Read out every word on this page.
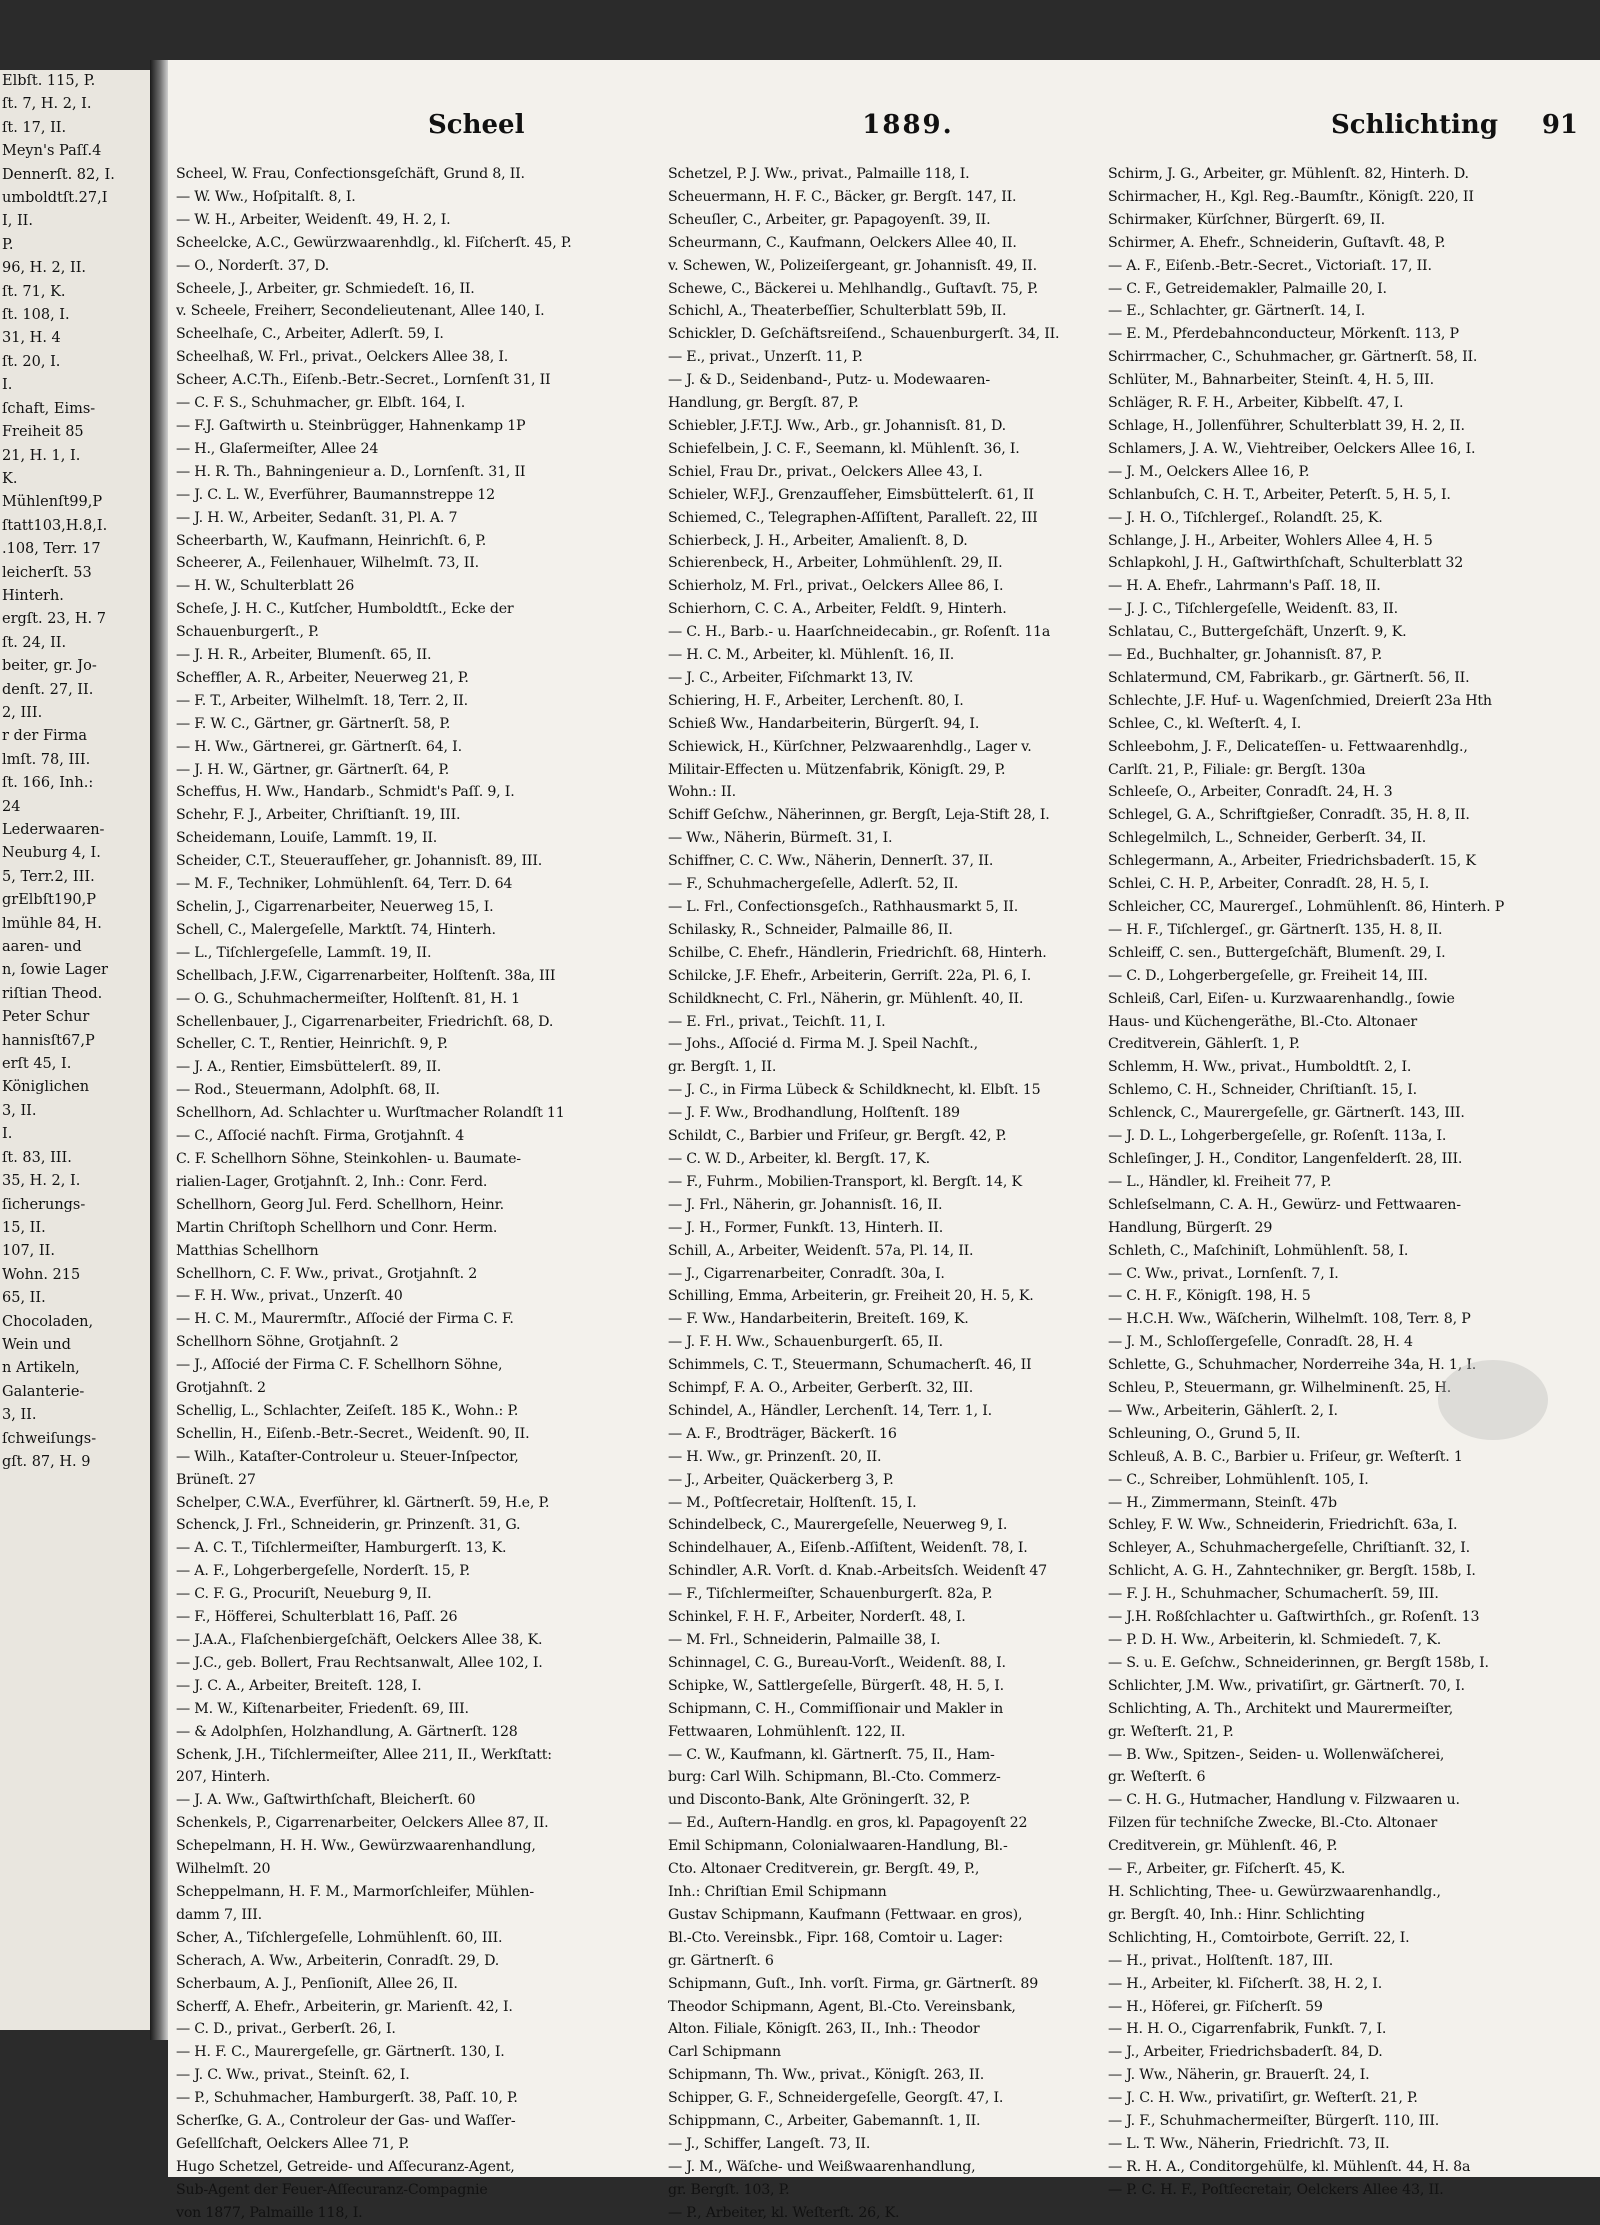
Elbſt. 115, P.
ſt. 7, H. 2, I.
ſt. 17, II.
Meyn's Paſſ.4
Dennerſt. 82, I.
umboldtſt.27,I
I, II.
P.
96, H. 2, II.
ſt. 71, K.
ſt. 108, I.
31, H. 4
ſt. 20, I.
I.
ſchaft, Eims-
Freiheit 85
21, H. 1, I.
K.
Mühlenſt99,P
ſtatt103,H.8,I.
.108, Terr. 17
leicherſt. 53
Hinterh.
ergſt. 23, H. 7
ſt. 24, II.
beiter, gr. Jo-
denſt. 27, II.
2, III.
r der Firma
lmſt. 78, III.
ſt. 166, Inh.:
24
Lederwaaren-
Neuburg 4, I.
5, Terr.2, III.
grElbſt190,P
lmühle 84, H.
aaren- und
n, ſowie Lager
riſtian Theod.
Peter Schur
hannisſt67,P
erſt 45, I.
Königlichen
3, II.
I.
ſt. 83, III.
35, H. 2, I.
ſicherungs-
15, II.
107, II.
Wohn. 215
65, II.
Chocoladen,
Wein und
n Artikeln,
Galanterie-
3, II.
ſchweiſungs-
gſt. 87, H. 9
Scheel	1889.	Schlichting 91
Scheel, W. Frau, Confectionsgeſchäft, Grund 8, II.
— W. Ww., Hoſpitalſt. 8, I.
— W. H., Arbeiter, Weidenſt. 49, H. 2, I.
Scheelcke, A.C., Gewürzwaarenhdlg., kl. Fiſcherſt. 45, P.
— O., Norderſt. 37, D.
Scheele, J., Arbeiter, gr. Schmiedeſt. 16, II.
v. Scheele, Freiherr, Secondelieutenant, Allee 140, I.
Scheelhaſe, C., Arbeiter, Adlerſt. 59, I.
Scheelhaß, W. Frl., privat., Oelckers Allee 38, I.
Scheer, A.C.Th., Eiſenb.-Betr.-Secret., Lornſenſt 31, II
— C. F. S., Schuhmacher, gr. Elbſt. 164, I.
— F.J. Gaſtwirth u. Steinbrügger, Hahnenkamp 1P
— H., Glaſermeiſter, Allee 24
— H. R. Th., Bahningenieur a. D., Lornſenſt. 31, II
— J. C. L. W., Everführer, Baumannstreppe 12
— J. H. W., Arbeiter, Sedanſt. 31, Pl. A. 7
Scheerbarth, W., Kaufmann, Heinrichſt. 6, P.
Scheerer, A., Feilenhauer, Wilhelmſt. 73, II.
— H. W., Schulterblatt 26
Scheſe, J. H. C., Kutſcher, Humboldtſt., Ecke der
Schauenburgerſt., P.
— J. H. R., Arbeiter, Blumenſt. 65, II.
Scheffler, A. R., Arbeiter, Neuerweg 21, P.
— F. T., Arbeiter, Wilhelmſt. 18, Terr. 2, II.
— F. W. C., Gärtner, gr. Gärtnerſt. 58, P.
— H. Ww., Gärtnerei, gr. Gärtnerſt. 64, I.
— J. H. W., Gärtner, gr. Gärtnerſt. 64, P.
Scheffus, H. Ww., Handarb., Schmidt's Paſſ. 9, I.
Schehr, F. J., Arbeiter, Chriſtianſt. 19, III.
Scheidemann, Louiſe, Lammſt. 19, II.
Scheider, C.T., Steueraufſeher, gr. Johannisſt. 89, III.
— M. F., Techniker, Lohmühlenſt. 64, Terr. D. 64
Schelin, J., Cigarrenarbeiter, Neuerweg 15, I.
Schell, C., Malergeſelle, Marktſt. 74, Hinterh.
— L., Tiſchlergeſelle, Lammſt. 19, II.
Schellbach, J.F.W., Cigarrenarbeiter, Holſtenſt. 38a, III
— O. G., Schuhmachermeiſter, Holſtenſt. 81, H. 1
Schellenbauer, J., Cigarrenarbeiter, Friedrichſt. 68, D.
Scheller, C. T., Rentier, Heinrichſt. 9, P.
— J. A., Rentier, Eimsbüttelerſt. 89, II.
— Rod., Steuermann, Adolphſt. 68, II.
Schellhorn, Ad. Schlachter u. Wurſtmacher Rolandſt 11
— C., Aſſocié nachſt. Firma, Grotjahnſt. 4
C. F. Schellhorn Söhne, Steinkohlen- u. Baumate-
rialien-Lager, Grotjahnſt. 2, Inh.: Conr. Ferd.
Schellhorn, Georg Jul. Ferd. Schellhorn, Heinr.
Martin Chriſtoph Schellhorn und Conr. Herm.
Matthias Schellhorn
Schellhorn, C. F. Ww., privat., Grotjahnſt. 2
— F. H. Ww., privat., Unzerſt. 40
— H. C. M., Maurermſtr., Aſſocié der Firma C. F.
Schellhorn Söhne, Grotjahnſt. 2
— J., Aſſocié der Firma C. F. Schellhorn Söhne,
Grotjahnſt. 2
Schellig, L., Schlachter, Zeiſeſt. 185 K., Wohn.: P.
Schellin, H., Eiſenb.-Betr.-Secret., Weidenſt. 90, II.
— Wilh., Kataſter-Controleur u. Steuer-Inſpector,
Brüneſt. 27
Schelper, C.W.A., Everführer, kl. Gärtnerſt. 59, H.e, P.
Schenck, J. Frl., Schneiderin, gr. Prinzenſt. 31, G.
— A. C. T., Tiſchlermeiſter, Hamburgerſt. 13, K.
— A. F., Lohgerbergeſelle, Norderſt. 15, P.
— C. F. G., Procuriſt, Neueburg 9, II.
— F., Höfferei, Schulterblatt 16, Paſſ. 26
— J.A.A., Flaſchenbiergeſchäft, Oelckers Allee 38, K.
— J.C., geb. Bollert, Frau Rechtsanwalt, Allee 102, I.
— J. C. A., Arbeiter, Breiteſt. 128, I.
— M. W., Kiſtenarbeiter, Friedenſt. 69, III.
— & Adolphſen, Holzhandlung, A. Gärtnerſt. 128
Schenk, J.H., Tiſchlermeiſter, Allee 211, II., Werkſtatt:
207, Hinterh.
— J. A. Ww., Gaſtwirthſchaft, Bleicherſt. 60
Schenkels, P., Cigarrenarbeiter, Oelckers Allee 87, II.
Schepelmann, H. H. Ww., Gewürzwaarenhandlung,
Wilhelmſt. 20
Scheppelmann, H. F. M., Marmorſchleifer, Mühlen-
damm 7, III.
Scher, A., Tiſchlergeſelle, Lohmühlenſt. 60, III.
Scherach, A. Ww., Arbeiterin, Conradſt. 29, D.
Scherbaum, A. J., Penſioniſt, Allee 26, II.
Scherff, A. Ehefr., Arbeiterin, gr. Marienſt. 42, I.
— C. D., privat., Gerberſt. 26, I.
— H. F. C., Maurergeſelle, gr. Gärtnerſt. 130, I.
— J. C. Ww., privat., Steinſt. 62, I.
— P., Schuhmacher, Hamburgerſt. 38, Paſſ. 10, P.
Scherſke, G. A., Controleur der Gas- und Waſſer-
Geſellſchaft, Oelckers Allee 71, P.
Hugo Schetzel, Getreide- und Aſſecuranz-Agent,
Sub-Agent der Feuer-Aſſecuranz-Compagnie
von 1877, Palmaille 118, I.
Schetzel, P. J. Ww., privat., Palmaille 118, I.
Scheuermann, H. F. C., Bäcker, gr. Bergſt. 147, II.
Scheuſler, C., Arbeiter, gr. Papagoyenſt. 39, II.
Scheurmann, C., Kaufmann, Oelckers Allee 40, II.
v. Schewen, W., Polizeiſergeant, gr. Johannisſt. 49, II.
Schewe, C., Bäckerei u. Mehlhandlg., Guſtavſt. 75, P.
Schichl, A., Theaterbeſſier, Schulterblatt 59b, II.
Schickler, D. Geſchäftsreiſend., Schauenburgerſt. 34, II.
— E., privat., Unzerſt. 11, P.
— J. & D., Seidenband-, Putz- u. Modewaaren-
Handlung, gr. Bergſt. 87, P.
Schiebler, J.F.T.J. Ww., Arb., gr. Johannisſt. 81, D.
Schiefelbein, J. C. F., Seemann, kl. Mühlenſt. 36, I.
Schiel, Frau Dr., privat., Oelckers Allee 43, I.
Schieler, W.F.J., Grenzaufſeher, Eimsbüttelerſt. 61, II
Schiemed, C., Telegraphen-Aſſiſtent, Paralleſt. 22, III
Schierbeck, J. H., Arbeiter, Amalienſt. 8, D.
Schierenbeck, H., Arbeiter, Lohmühlenſt. 29, II.
Schierholz, M. Frl., privat., Oelckers Allee 86, I.
Schierhorn, C. C. A., Arbeiter, Feldſt. 9, Hinterh.
— C. H., Barb.- u. Haarſchneidecabin., gr. Roſenſt. 11a
— H. C. M., Arbeiter, kl. Mühlenſt. 16, II.
— J. C., Arbeiter, Fiſchmarkt 13, IV.
Schiering, H. F., Arbeiter, Lerchenſt. 80, I.
Schieß Ww., Handarbeiterin, Bürgerſt. 94, I.
Schiewick, H., Kürſchner, Pelzwaarenhdlg., Lager v.
Militair-Effecten u. Mützenfabrik, Königſt. 29, P.
Wohn.: II.
Schiff Geſchw., Näherinnen, gr. Bergſt, Leja-Stift 28, I.
— Ww., Näherin, Bürmeſt. 31, I.
Schiffner, C. C. Ww., Näherin, Dennerſt. 37, II.
— F., Schuhmachergeſelle, Adlerſt. 52, II.
— L. Frl., Confectionsgeſch., Rathhausmarkt 5, II.
Schilasky, R., Schneider, Palmaille 86, II.
Schilbe, C. Ehefr., Händlerin, Friedrichſt. 68, Hinterh.
Schilcke, J.F. Ehefr., Arbeiterin, Gerriſt. 22a, Pl. 6, I.
Schildknecht, C. Frl., Näherin, gr. Mühlenſt. 40, II.
— E. Frl., privat., Teichſt. 11, I.
— Johs., Aſſocié d. Firma M. J. Speil Nachſt.,
gr. Bergſt. 1, II.
— J. C., in Firma Lübeck & Schildknecht, kl. Elbſt. 15
— J. F. Ww., Brodhandlung, Holſtenſt. 189
Schildt, C., Barbier und Friſeur, gr. Bergſt. 42, P.
— C. W. D., Arbeiter, kl. Bergſt. 17, K.
— F., Fuhrm., Mobilien-Transport, kl. Bergſt. 14, K
— J. Frl., Näherin, gr. Johannisſt. 16, II.
— J. H., Former, Funkſt. 13, Hinterh. II.
Schill, A., Arbeiter, Weidenſt. 57a, Pl. 14, II.
— J., Cigarrenarbeiter, Conradſt. 30a, I.
Schilling, Emma, Arbeiterin, gr. Freiheit 20, H. 5, K.
— F. Ww., Handarbeiterin, Breiteſt. 169, K.
— J. F. H. Ww., Schauenburgerſt. 65, II.
Schimmels, C. T., Steuermann, Schumacherſt. 46, II
Schimpf, F. A. O., Arbeiter, Gerberſt. 32, III.
Schindel, A., Händler, Lerchenſt. 14, Terr. 1, I.
— A. F., Brodträger, Bäckerſt. 16
— H. Ww., gr. Prinzenſt. 20, II.
— J., Arbeiter, Quäckerberg 3, P.
— M., Poſtſecretair, Holſtenſt. 15, I.
Schindelbeck, C., Maurergeſelle, Neuerweg 9, I.
Schindelhauer, A., Eiſenb.-Aſſiſtent, Weidenſt. 78, I.
Schindler, A.R. Vorſt. d. Knab.-Arbeitsſch. Weidenſt 47
— F., Tiſchlermeiſter, Schauenburgerſt. 82a, P.
Schinkel, F. H. F., Arbeiter, Norderſt. 48, I.
— M. Frl., Schneiderin, Palmaille 38, I.
Schinnagel, C. G., Bureau-Vorſt., Weidenſt. 88, I.
Schipke, W., Sattlergeſelle, Bürgerſt. 48, H. 5, I.
Schipmann, C. H., Commiſſionair und Makler in
Fettwaaren, Lohmühlenſt. 122, II.
— C. W., Kaufmann, kl. Gärtnerſt. 75, II., Ham-
burg: Carl Wilh. Schipmann, Bl.-Cto. Commerz-
und Disconto-Bank, Alte Gröningerſt. 32, P.
— Ed., Auſtern-Handlg. en gros, kl. Papagoyenſt 22
Emil Schipmann, Colonialwaaren-Handlung, Bl.-
Cto. Altonaer Creditverein, gr. Bergſt. 49, P.,
Inh.: Chriſtian Emil Schipmann
Gustav Schipmann, Kaufmann (Fettwaar. en gros),
Bl.-Cto. Vereinsbk., Fipr. 168, Comtoir u. Lager:
gr. Gärtnerſt. 6
Schipmann, Guſt., Inh. vorſt. Firma, gr. Gärtnerſt. 89
Theodor Schipmann, Agent, Bl.-Cto. Vereinsbank,
Alton. Filiale, Königſt. 263, II., Inh.: Theodor
Carl Schipmann
Schipmann, Th. Ww., privat., Königſt. 263, II.
Schipper, G. F., Schneidergeſelle, Georgſt. 47, I.
Schippmann, C., Arbeiter, Gabemannſt. 1, II.
— J., Schiffer, Langeſt. 73, II.
— J. M., Wäſche- und Weißwaarenhandlung,
gr. Bergſt. 103, P.
— P., Arbeiter, kl. Weſterſt. 26, K.
Schirm, J. G., Arbeiter, gr. Mühlenſt. 82, Hinterh. D.
Schirmacher, H., Kgl. Reg.-Baumſtr., Königſt. 220, II
Schirmaker, Kürſchner, Bürgerſt. 69, II.
Schirmer, A. Ehefr., Schneiderin, Guſtavſt. 48, P.
— A. F., Eiſenb.-Betr.-Secret., Victoriaſt. 17, II.
— C. F., Getreidemakler, Palmaille 20, I.
— E., Schlachter, gr. Gärtnerſt. 14, I.
— E. M., Pferdebahnconducteur, Mörkenſt. 113, P
Schirrmacher, C., Schuhmacher, gr. Gärtnerſt. 58, II.
Schlüter, M., Bahnarbeiter, Steinſt. 4, H. 5, III.
Schläger, R. F. H., Arbeiter, Kibbelſt. 47, I.
Schlage, H., Jollenführer, Schulterblatt 39, H. 2, II.
Schlamers, J. A. W., Viehtreiber, Oelckers Allee 16, I.
— J. M., Oelckers Allee 16, P.
Schlanbuſch, C. H. T., Arbeiter, Peterſt. 5, H. 5, I.
— J. H. O., Tiſchlergeſ., Rolandſt. 25, K.
Schlange, J. H., Arbeiter, Wohlers Allee 4, H. 5
Schlapkohl, J. H., Gaſtwirthſchaft, Schulterblatt 32
— H. A. Ehefr., Lahrmann's Paſſ. 18, II.
— J. J. C., Tiſchlergeſelle, Weidenſt. 83, II.
Schlatau, C., Buttergeſchäft, Unzerſt. 9, K.
— Ed., Buchhalter, gr. Johannisſt. 87, P.
Schlatermund, CM, Fabrikarb., gr. Gärtnerſt. 56, II.
Schlechte, J.F. Huf- u. Wagenſchmied, Dreierſt 23a Hth
Schlee, C., kl. Weſterſt. 4, I.
Schleebohm, J. F., Delicateſſen- u. Fettwaarenhdlg.,
Carlſt. 21, P., Filiale: gr. Bergſt. 130a
Schleeſe, O., Arbeiter, Conradſt. 24, H. 3
Schlegel, G. A., Schriftgießer, Conradſt. 35, H. 8, II.
Schlegelmilch, L., Schneider, Gerberſt. 34, II.
Schlegermann, A., Arbeiter, Friedrichsbaderſt. 15, K
Schlei, C. H. P., Arbeiter, Conradſt. 28, H. 5, I.
Schleicher, CC, Maurergeſ., Lohmühlenſt. 86, Hinterh. P
— H. F., Tiſchlergeſ., gr. Gärtnerſt. 135, H. 8, II.
Schleiff, C. sen., Buttergeſchäft, Blumenſt. 29, I.
— C. D., Lohgerbergeſelle, gr. Freiheit 14, III.
Schleiß, Carl, Eiſen- u. Kurzwaarenhandlg., ſowie
Haus- und Küchengeräthe, Bl.-Cto. Altonaer
Creditverein, Gählerſt. 1, P.
Schlemm, H. Ww., privat., Humboldtſt. 2, I.
Schlemo, C. H., Schneider, Chriſtianſt. 15, I.
Schlenck, C., Maurergeſelle, gr. Gärtnerſt. 143, III.
— J. D. L., Lohgerbergeſelle, gr. Roſenſt. 113a, I.
Schleſinger, J. H., Conditor, Langenfelderſt. 28, III.
— L., Händler, kl. Freiheit 77, P.
Schleſselmann, C. A. H., Gewürz- und Fettwaaren-
Handlung, Bürgerſt. 29
Schleth, C., Maſchiniſt, Lohmühlenſt. 58, I.
— C. Ww., privat., Lornſenſt. 7, I.
— C. H. F., Königſt. 198, H. 5
— H.C.H. Ww., Wäſcherin, Wilhelmſt. 108, Terr. 8, P
— J. M., Schloſſergeſelle, Conradſt. 28, H. 4
Schlette, G., Schuhmacher, Norderreihe 34a, H. 1, I.
Schleu, P., Steuermann, gr. Wilhelminenſt. 25, H.
— Ww., Arbeiterin, Gählerſt. 2, I.
Schleuning, O., Grund 5, II.
Schleuß, A. B. C., Barbier u. Friſeur, gr. Weſterſt. 1
— C., Schreiber, Lohmühlenſt. 105, I.
— H., Zimmermann, Steinſt. 47b
Schley, F. W. Ww., Schneiderin, Friedrichſt. 63a, I.
Schleyer, A., Schuhmachergeſelle, Chriſtianſt. 32, I.
Schlicht, A. G. H., Zahntechniker, gr. Bergſt. 158b, I.
— F. J. H., Schuhmacher, Schumacherſt. 59, III.
— J.H. Roßſchlachter u. Gaſtwirthſch., gr. Roſenſt. 13
— P. D. H. Ww., Arbeiterin, kl. Schmiedeſt. 7, K.
— S. u. E. Geſchw., Schneiderinnen, gr. Bergſt 158b, I.
Schlichter, J.M. Ww., privatiſirt, gr. Gärtnerſt. 70, I.
Schlichting, A. Th., Architekt und Maurermeiſter,
gr. Weſterſt. 21, P.
— B. Ww., Spitzen-, Seiden- u. Wollenwäſcherei,
gr. Weſterſt. 6
— C. H. G., Hutmacher, Handlung v. Filzwaaren u.
Filzen für techniſche Zwecke, Bl.-Cto. Altonaer
Creditverein, gr. Mühlenſt. 46, P.
— F., Arbeiter, gr. Fiſcherſt. 45, K.
H. Schlichting, Thee- u. Gewürzwaarenhandlg.,
gr. Bergſt. 40, Inh.: Hinr. Schlichting
Schlichting, H., Comtoirbote, Gerriſt. 22, I.
— H., privat., Holſtenſt. 187, III.
— H., Arbeiter, kl. Fiſcherſt. 38, H. 2, I.
— H., Höferei, gr. Fiſcherſt. 59
— H. H. O., Cigarrenfabrik, Funkſt. 7, I.
— J., Arbeiter, Friedrichsbaderſt. 84, D.
— J. Ww., Näherin, gr. Brauerſt. 24, I.
— J. C. H. Ww., privatiſirt, gr. Weſterſt. 21, P.
— J. F., Schuhmachermeiſter, Bürgerſt. 110, III.
— L. T. Ww., Näherin, Friedrichſt. 73, II.
— R. H. A., Conditorgehülfe, kl. Mühlenſt. 44, H. 8a
— P. C. H. F., Poſtſecretair, Oelckers Allee 43, II.
